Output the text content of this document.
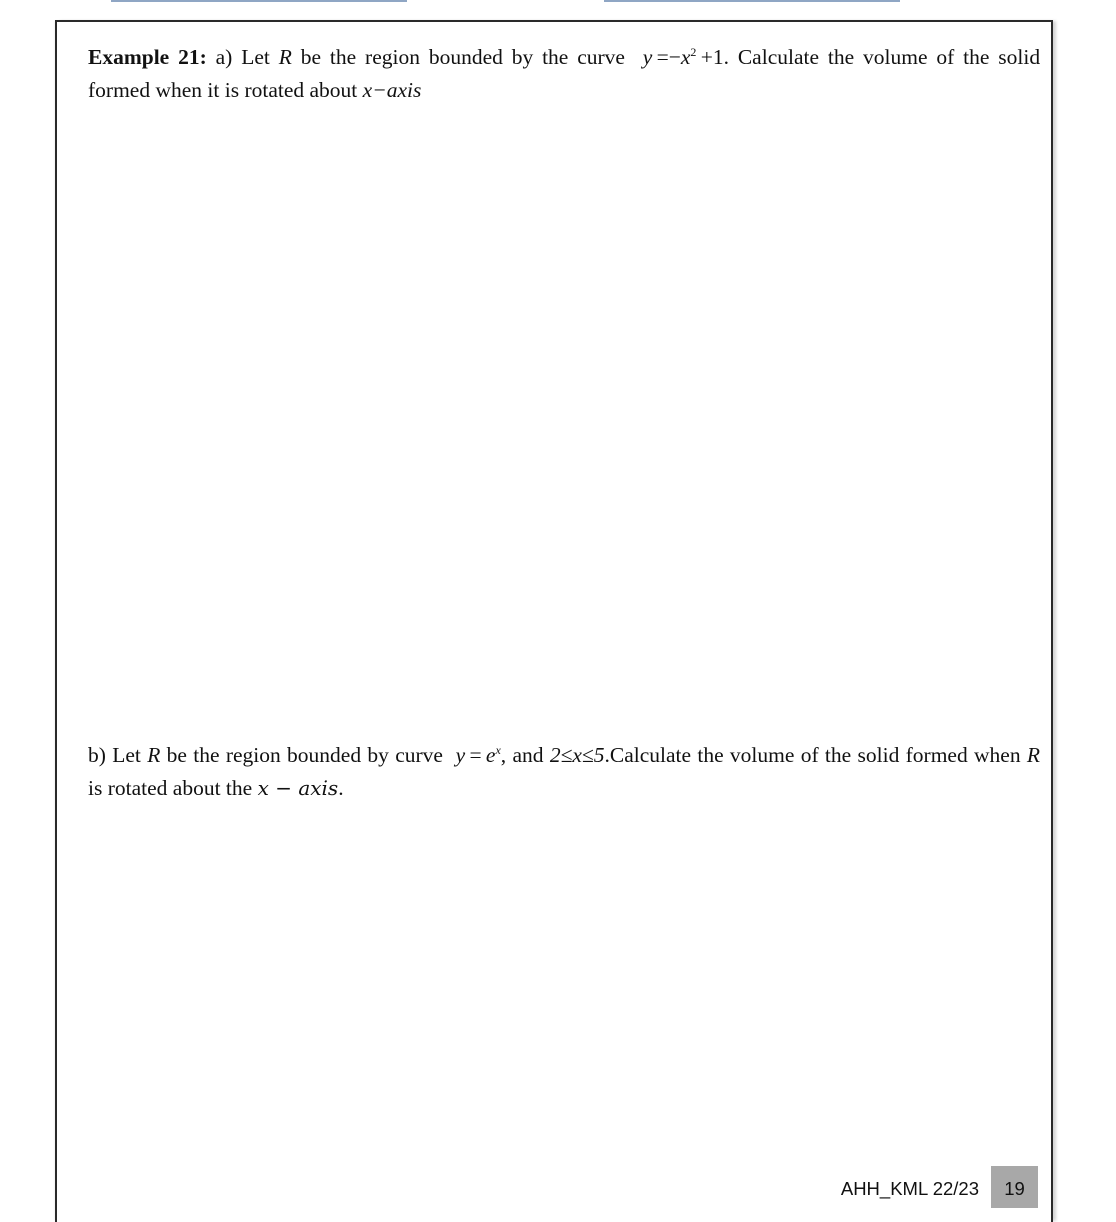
Example 21: a) Let R be the region bounded by the curve $y =-x^2 +1$. Calculate the volume of the solid formed when it is rotated about x−axis
b) Let R be the region bounded by curve $y = e^x$, and 2≤x≤5.Calculate the volume of the solid formed when R is rotated about the x − axis.
AHH_KML 22/23	19
